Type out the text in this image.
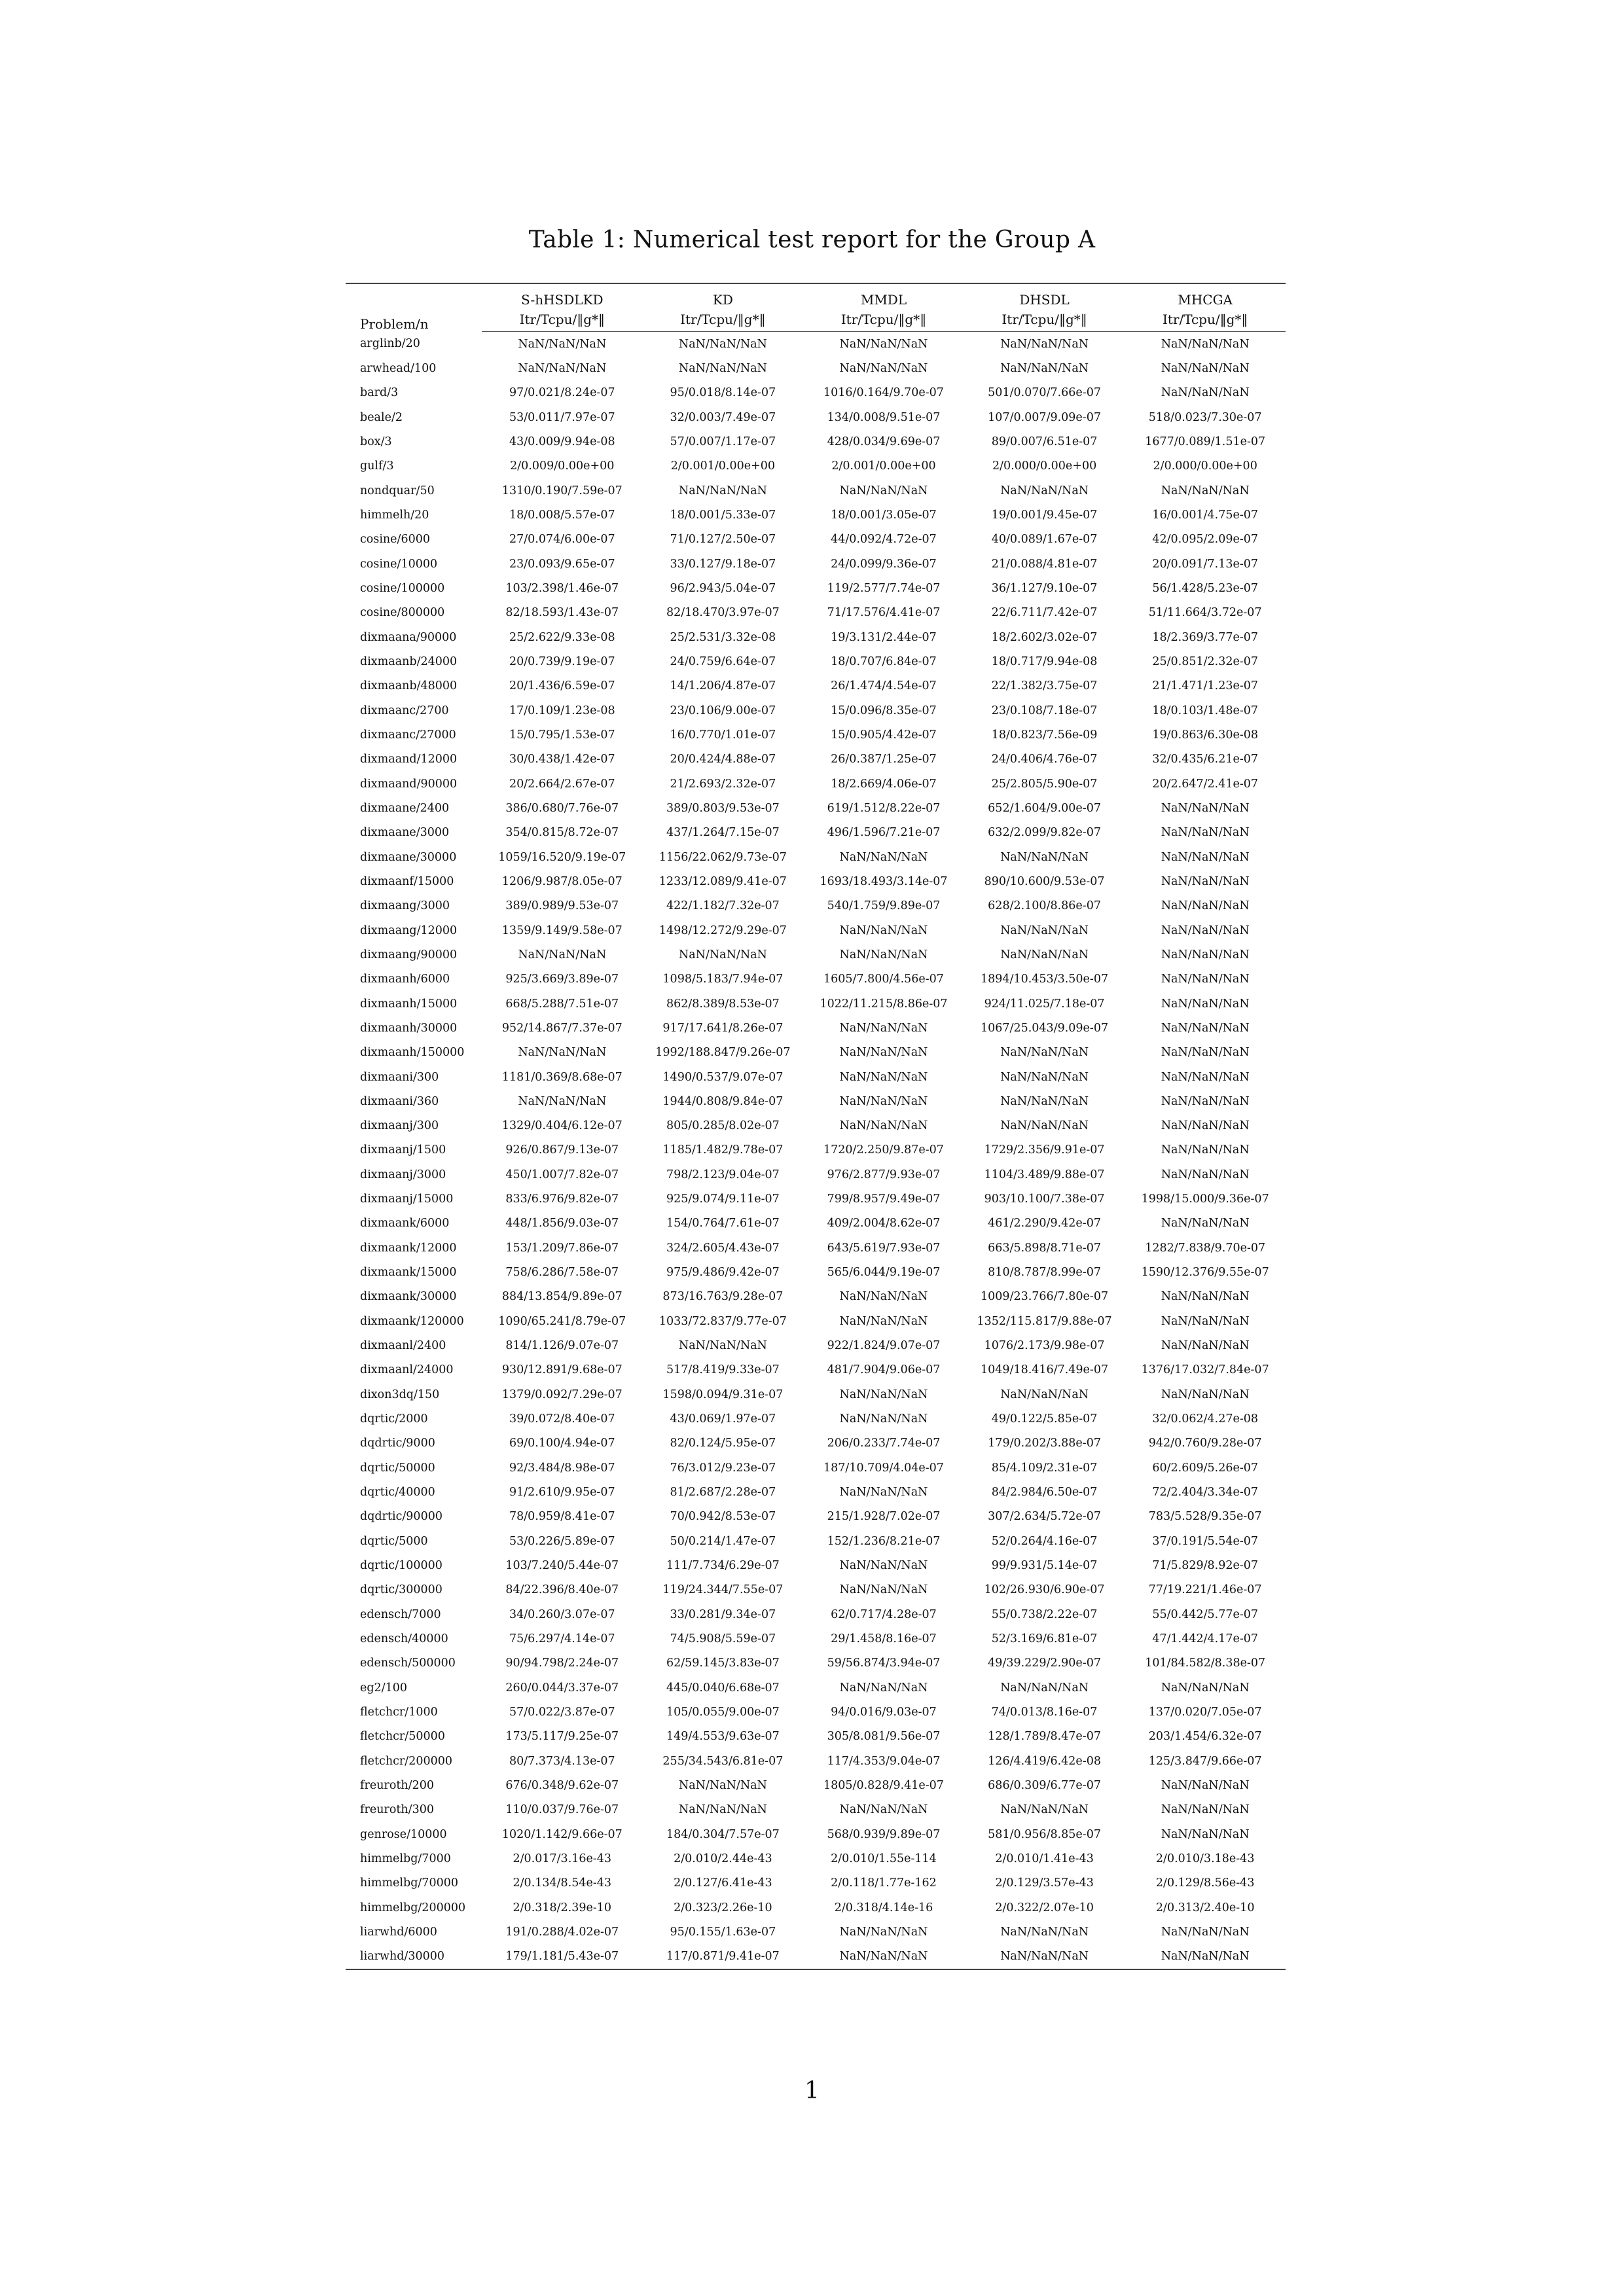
Table 1: Numerical test report for the Group A
Problem/n	S-hHSDLKD	KD	MMDL	DHSDL	MHCGA
	Itr/Tcpu/‖g*‖	Itr/Tcpu/‖g*‖	Itr/Tcpu/‖g*‖	Itr/Tcpu/‖g*‖	Itr/Tcpu/‖g*‖
arglinb/20	NaN/NaN/NaN	NaN/NaN/NaN	NaN/NaN/NaN	NaN/NaN/NaN	NaN/NaN/NaN
arwhead/100	NaN/NaN/NaN	NaN/NaN/NaN	NaN/NaN/NaN	NaN/NaN/NaN	NaN/NaN/NaN
bard/3	97/0.021/8.24e-07	95/0.018/8.14e-07	1016/0.164/9.70e-07	501/0.070/7.66e-07	NaN/NaN/NaN
beale/2	53/0.011/7.97e-07	32/0.003/7.49e-07	134/0.008/9.51e-07	107/0.007/9.09e-07	518/0.023/7.30e-07
box/3	43/0.009/9.94e-08	57/0.007/1.17e-07	428/0.034/9.69e-07	89/0.007/6.51e-07	1677/0.089/1.51e-07
gulf/3	2/0.009/0.00e+00	2/0.001/0.00e+00	2/0.001/0.00e+00	2/0.000/0.00e+00	2/0.000/0.00e+00
nondquar/50	1310/0.190/7.59e-07	NaN/NaN/NaN	NaN/NaN/NaN	NaN/NaN/NaN	NaN/NaN/NaN
himmelh/20	18/0.008/5.57e-07	18/0.001/5.33e-07	18/0.001/3.05e-07	19/0.001/9.45e-07	16/0.001/4.75e-07
cosine/6000	27/0.074/6.00e-07	71/0.127/2.50e-07	44/0.092/4.72e-07	40/0.089/1.67e-07	42/0.095/2.09e-07
cosine/10000	23/0.093/9.65e-07	33/0.127/9.18e-07	24/0.099/9.36e-07	21/0.088/4.81e-07	20/0.091/7.13e-07
cosine/100000	103/2.398/1.46e-07	96/2.943/5.04e-07	119/2.577/7.74e-07	36/1.127/9.10e-07	56/1.428/5.23e-07
cosine/800000	82/18.593/1.43e-07	82/18.470/3.97e-07	71/17.576/4.41e-07	22/6.711/7.42e-07	51/11.664/3.72e-07
dixmaana/90000	25/2.622/9.33e-08	25/2.531/3.32e-08	19/3.131/2.44e-07	18/2.602/3.02e-07	18/2.369/3.77e-07
dixmaanb/24000	20/0.739/9.19e-07	24/0.759/6.64e-07	18/0.707/6.84e-07	18/0.717/9.94e-08	25/0.851/2.32e-07
dixmaanb/48000	20/1.436/6.59e-07	14/1.206/4.87e-07	26/1.474/4.54e-07	22/1.382/3.75e-07	21/1.471/1.23e-07
dixmaanc/2700	17/0.109/1.23e-08	23/0.106/9.00e-07	15/0.096/8.35e-07	23/0.108/7.18e-07	18/0.103/1.48e-07
dixmaanc/27000	15/0.795/1.53e-07	16/0.770/1.01e-07	15/0.905/4.42e-07	18/0.823/7.56e-09	19/0.863/6.30e-08
dixmaand/12000	30/0.438/1.42e-07	20/0.424/4.88e-07	26/0.387/1.25e-07	24/0.406/4.76e-07	32/0.435/6.21e-07
dixmaand/90000	20/2.664/2.67e-07	21/2.693/2.32e-07	18/2.669/4.06e-07	25/2.805/5.90e-07	20/2.647/2.41e-07
dixmaane/2400	386/0.680/7.76e-07	389/0.803/9.53e-07	619/1.512/8.22e-07	652/1.604/9.00e-07	NaN/NaN/NaN
dixmaane/3000	354/0.815/8.72e-07	437/1.264/7.15e-07	496/1.596/7.21e-07	632/2.099/9.82e-07	NaN/NaN/NaN
dixmaane/30000	1059/16.520/9.19e-07	1156/22.062/9.73e-07	NaN/NaN/NaN	NaN/NaN/NaN	NaN/NaN/NaN
dixmaanf/15000	1206/9.987/8.05e-07	1233/12.089/9.41e-07	1693/18.493/3.14e-07	890/10.600/9.53e-07	NaN/NaN/NaN
dixmaang/3000	389/0.989/9.53e-07	422/1.182/7.32e-07	540/1.759/9.89e-07	628/2.100/8.86e-07	NaN/NaN/NaN
dixmaang/12000	1359/9.149/9.58e-07	1498/12.272/9.29e-07	NaN/NaN/NaN	NaN/NaN/NaN	NaN/NaN/NaN
dixmaang/90000	NaN/NaN/NaN	NaN/NaN/NaN	NaN/NaN/NaN	NaN/NaN/NaN	NaN/NaN/NaN
dixmaanh/6000	925/3.669/3.89e-07	1098/5.183/7.94e-07	1605/7.800/4.56e-07	1894/10.453/3.50e-07	NaN/NaN/NaN
dixmaanh/15000	668/5.288/7.51e-07	862/8.389/8.53e-07	1022/11.215/8.86e-07	924/11.025/7.18e-07	NaN/NaN/NaN
dixmaanh/30000	952/14.867/7.37e-07	917/17.641/8.26e-07	NaN/NaN/NaN	1067/25.043/9.09e-07	NaN/NaN/NaN
dixmaanh/150000	NaN/NaN/NaN	1992/188.847/9.26e-07	NaN/NaN/NaN	NaN/NaN/NaN	NaN/NaN/NaN
dixmaani/300	1181/0.369/8.68e-07	1490/0.537/9.07e-07	NaN/NaN/NaN	NaN/NaN/NaN	NaN/NaN/NaN
dixmaani/360	NaN/NaN/NaN	1944/0.808/9.84e-07	NaN/NaN/NaN	NaN/NaN/NaN	NaN/NaN/NaN
dixmaanj/300	1329/0.404/6.12e-07	805/0.285/8.02e-07	NaN/NaN/NaN	NaN/NaN/NaN	NaN/NaN/NaN
dixmaanj/1500	926/0.867/9.13e-07	1185/1.482/9.78e-07	1720/2.250/9.87e-07	1729/2.356/9.91e-07	NaN/NaN/NaN
dixmaanj/3000	450/1.007/7.82e-07	798/2.123/9.04e-07	976/2.877/9.93e-07	1104/3.489/9.88e-07	NaN/NaN/NaN
dixmaanj/15000	833/6.976/9.82e-07	925/9.074/9.11e-07	799/8.957/9.49e-07	903/10.100/7.38e-07	1998/15.000/9.36e-07
dixmaank/6000	448/1.856/9.03e-07	154/0.764/7.61e-07	409/2.004/8.62e-07	461/2.290/9.42e-07	NaN/NaN/NaN
dixmaank/12000	153/1.209/7.86e-07	324/2.605/4.43e-07	643/5.619/7.93e-07	663/5.898/8.71e-07	1282/7.838/9.70e-07
dixmaank/15000	758/6.286/7.58e-07	975/9.486/9.42e-07	565/6.044/9.19e-07	810/8.787/8.99e-07	1590/12.376/9.55e-07
dixmaank/30000	884/13.854/9.89e-07	873/16.763/9.28e-07	NaN/NaN/NaN	1009/23.766/7.80e-07	NaN/NaN/NaN
dixmaank/120000	1090/65.241/8.79e-07	1033/72.837/9.77e-07	NaN/NaN/NaN	1352/115.817/9.88e-07	NaN/NaN/NaN
dixmaanl/2400	814/1.126/9.07e-07	NaN/NaN/NaN	922/1.824/9.07e-07	1076/2.173/9.98e-07	NaN/NaN/NaN
dixmaanl/24000	930/12.891/9.68e-07	517/8.419/9.33e-07	481/7.904/9.06e-07	1049/18.416/7.49e-07	1376/17.032/7.84e-07
dixon3dq/150	1379/0.092/7.29e-07	1598/0.094/9.31e-07	NaN/NaN/NaN	NaN/NaN/NaN	NaN/NaN/NaN
dqrtic/2000	39/0.072/8.40e-07	43/0.069/1.97e-07	NaN/NaN/NaN	49/0.122/5.85e-07	32/0.062/4.27e-08
dqdrtic/9000	69/0.100/4.94e-07	82/0.124/5.95e-07	206/0.233/7.74e-07	179/0.202/3.88e-07	942/0.760/9.28e-07
dqrtic/50000	92/3.484/8.98e-07	76/3.012/9.23e-07	187/10.709/4.04e-07	85/4.109/2.31e-07	60/2.609/5.26e-07
dqrtic/40000	91/2.610/9.95e-07	81/2.687/2.28e-07	NaN/NaN/NaN	84/2.984/6.50e-07	72/2.404/3.34e-07
dqdrtic/90000	78/0.959/8.41e-07	70/0.942/8.53e-07	215/1.928/7.02e-07	307/2.634/5.72e-07	783/5.528/9.35e-07
dqrtic/5000	53/0.226/5.89e-07	50/0.214/1.47e-07	152/1.236/8.21e-07	52/0.264/4.16e-07	37/0.191/5.54e-07
dqrtic/100000	103/7.240/5.44e-07	111/7.734/6.29e-07	NaN/NaN/NaN	99/9.931/5.14e-07	71/5.829/8.92e-07
dqrtic/300000	84/22.396/8.40e-07	119/24.344/7.55e-07	NaN/NaN/NaN	102/26.930/6.90e-07	77/19.221/1.46e-07
edensch/7000	34/0.260/3.07e-07	33/0.281/9.34e-07	62/0.717/4.28e-07	55/0.738/2.22e-07	55/0.442/5.77e-07
edensch/40000	75/6.297/4.14e-07	74/5.908/5.59e-07	29/1.458/8.16e-07	52/3.169/6.81e-07	47/1.442/4.17e-07
edensch/500000	90/94.798/2.24e-07	62/59.145/3.83e-07	59/56.874/3.94e-07	49/39.229/2.90e-07	101/84.582/8.38e-07
eg2/100	260/0.044/3.37e-07	445/0.040/6.68e-07	NaN/NaN/NaN	NaN/NaN/NaN	NaN/NaN/NaN
fletchcr/1000	57/0.022/3.87e-07	105/0.055/9.00e-07	94/0.016/9.03e-07	74/0.013/8.16e-07	137/0.020/7.05e-07
fletchcr/50000	173/5.117/9.25e-07	149/4.553/9.63e-07	305/8.081/9.56e-07	128/1.789/8.47e-07	203/1.454/6.32e-07
fletchcr/200000	80/7.373/4.13e-07	255/34.543/6.81e-07	117/4.353/9.04e-07	126/4.419/6.42e-08	125/3.847/9.66e-07
freuroth/200	676/0.348/9.62e-07	NaN/NaN/NaN	1805/0.828/9.41e-07	686/0.309/6.77e-07	NaN/NaN/NaN
freuroth/300	110/0.037/9.76e-07	NaN/NaN/NaN	NaN/NaN/NaN	NaN/NaN/NaN	NaN/NaN/NaN
genrose/10000	1020/1.142/9.66e-07	184/0.304/7.57e-07	568/0.939/9.89e-07	581/0.956/8.85e-07	NaN/NaN/NaN
himmelbg/7000	2/0.017/3.16e-43	2/0.010/2.44e-43	2/0.010/1.55e-114	2/0.010/1.41e-43	2/0.010/3.18e-43
himmelbg/70000	2/0.134/8.54e-43	2/0.127/6.41e-43	2/0.118/1.77e-162	2/0.129/3.57e-43	2/0.129/8.56e-43
himmelbg/200000	2/0.318/2.39e-10	2/0.323/2.26e-10	2/0.318/4.14e-16	2/0.322/2.07e-10	2/0.313/2.40e-10
liarwhd/6000	191/0.288/4.02e-07	95/0.155/1.63e-07	NaN/NaN/NaN	NaN/NaN/NaN	NaN/NaN/NaN
liarwhd/30000	179/1.181/5.43e-07	117/0.871/9.41e-07	NaN/NaN/NaN	NaN/NaN/NaN	NaN/NaN/NaN
1
